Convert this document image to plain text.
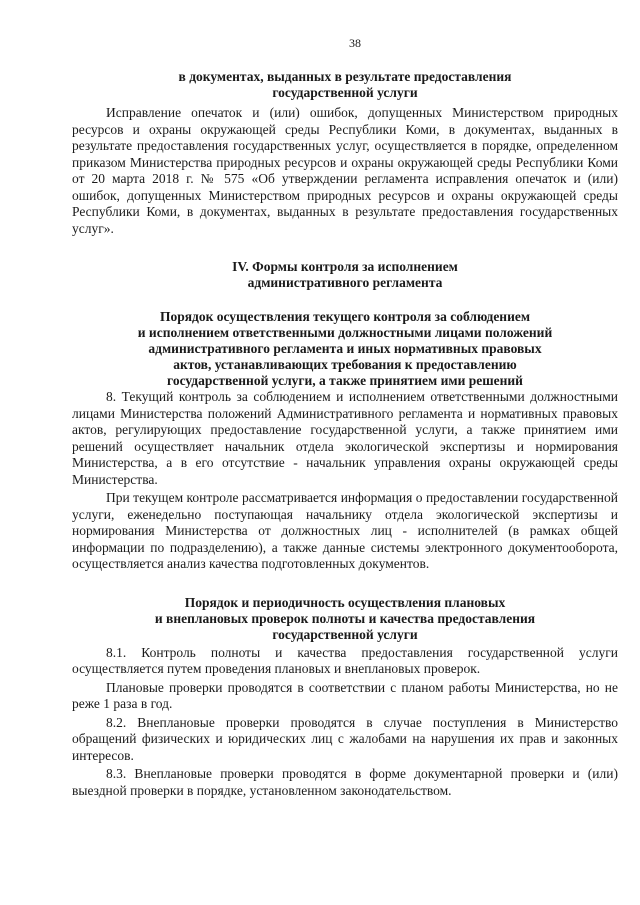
38
в документах, выданных в результате предоставления
государственной услуги

Исправление опечаток и (или) ошибок, допущенных Министерством природных ресурсов и охраны окружающей среды Республики Коми, в документах, выданных в результате предоставления государственных услуг, осуществляется в порядке, определенном приказом Министерства природных ресурсов и охраны окружающей среды Республики Коми от 20 марта 2018 г. № 575 «Об утверждении регламента исправления опечаток и (или) ошибок, допущенных Министерством природных ресурсов и охраны окружающей среды Республики Коми, в документах, выданных в результате предоставления государственных услуг».

IV. Формы контроля за исполнением
административного регламента
Порядок осуществления текущего контроля за соблюдением
и исполнением ответственными должностными лицами положений
административного регламента и иных нормативных правовых
актов, устанавливающих требования к предоставлению
государственной услуги, а также принятием ими решений

8. Текущий контроль за соблюдением и исполнением ответственными должностными лицами Министерства положений Административного регламента и нормативных правовых актов, регулирующих предоставление государственной услуги, а также принятием ими решений осуществляет начальник отдела экологической экспертизы и нормирования Министерства, а в его отсутствие - начальник управления охраны окружающей среды Министерства.

При текущем контроле рассматривается информация о предоставлении государственной услуги, еженедельно поступающая начальнику отдела экологической экспертизы и нормирования Министерства от должностных лиц - исполнителей (в рамках общей информации по подразделению), а также данные системы электронного документооборота, осуществляется анализ качества подготовленных документов.

Порядок и периодичность осуществления плановых
и внеплановых проверок полноты и качества предоставления
государственной услуги

8.1. Контроль полноты и качества предоставления государственной услуги осуществляется путем проведения плановых и внеплановых проверок.

Плановые проверки проводятся в соответствии с планом работы Министерства, но не реже 1 раза в год.

8.2. Внеплановые проверки проводятся в случае поступления в Министерство обращений физических и юридических лиц с жалобами на нарушения их прав и законных интересов.

8.3. Внеплановые проверки проводятся в форме документарной проверки и (или) выездной проверки в порядке, установленном законодательством.
